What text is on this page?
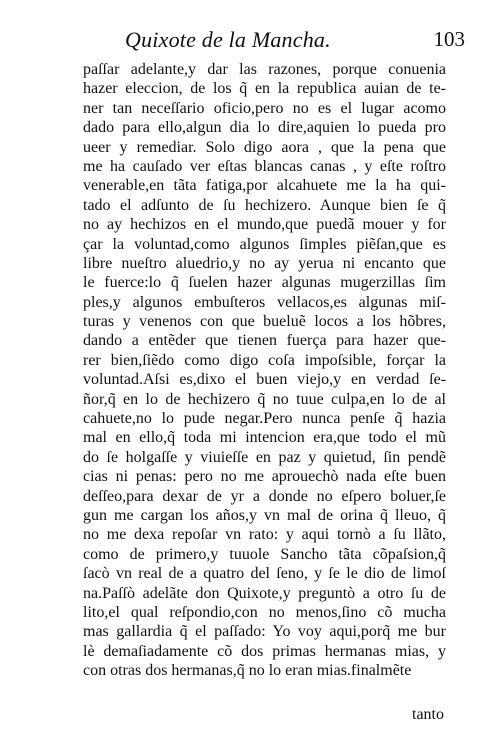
Quixote de la Mancha.	103
paſſar adelante,y dar las razones, porque conuenia
hazer eleccion, de los q̃ en la republica auian de te-
ner tan neceſſario oficio,pero no es el lugar acomo
dado para ello,algun dia lo dire,aquien lo pueda pro
ueer y remediar. Solo digo aora , que la pena que
me ha cauſado ver eſtas blancas canas , y eſte roſtro
venerable,en tãta fatiga,por alcahuete me la ha qui-
tado el adſunto de ſu hechizero. Aunque bien ſe q̃
no ay hechizos en el mundo,que puedã mouer y for
çar la voluntad,como algunos ſimples piẽſan,que es
libre nueſtro aluedrio,y no ay yerua ni encanto que
le fuerce:lo q̃ ſuelen hazer algunas mugerzillas ſim
ples,y algunos embuſteros vellacos,es algunas miſ-
turas y venenos con que bueluẽ locos a los hõbres,
dando a entẽder que tienen fuerça para hazer que-
rer bien,ſiẽdo como digo coſa impoſsible, forçar la
voluntad.Aſsi es,dixo el buen viejo,y en verdad ſe-
ñor,q̃ en lo de hechizero q̃ no tuue culpa,en lo de al
cahuete,no lo pude negar.Pero nunca penſe q̃ hazia
mal en ello,q̃ toda mi intencion era,que todo el mũ
do ſe holgaſſe y viuieſſe en paz y quietud, ſin pendẽ
cias ni penas: pero no me aprouechò nada eſte buen
deſſeo,para dexar de yr a donde no eſpero boluer,ſe
gun me cargan los años,y vn mal de orina q̃ lleuo, q̃
no me dexa repoſar vn rato: y aqui tornò a ſu llãto,
como de primero,y tuuole Sancho tãta cõpaſsion,q̃
ſacò vn real de a quatro del ſeno, y ſe le dio de limoſ
na.Paſſò adelãte don Quixote,y preguntò a otro ſu de
lito,el qual reſpondio,con no menos,ſino cõ mucha
mas gallardia q̃ el paſſado: Yo voy aqui,porq̃ me bur
lè demaſiadamente cõ dos primas hermanas mias, y
con otras dos hermanas,q̃ no lo eran mias.finalmẽte
tanto
